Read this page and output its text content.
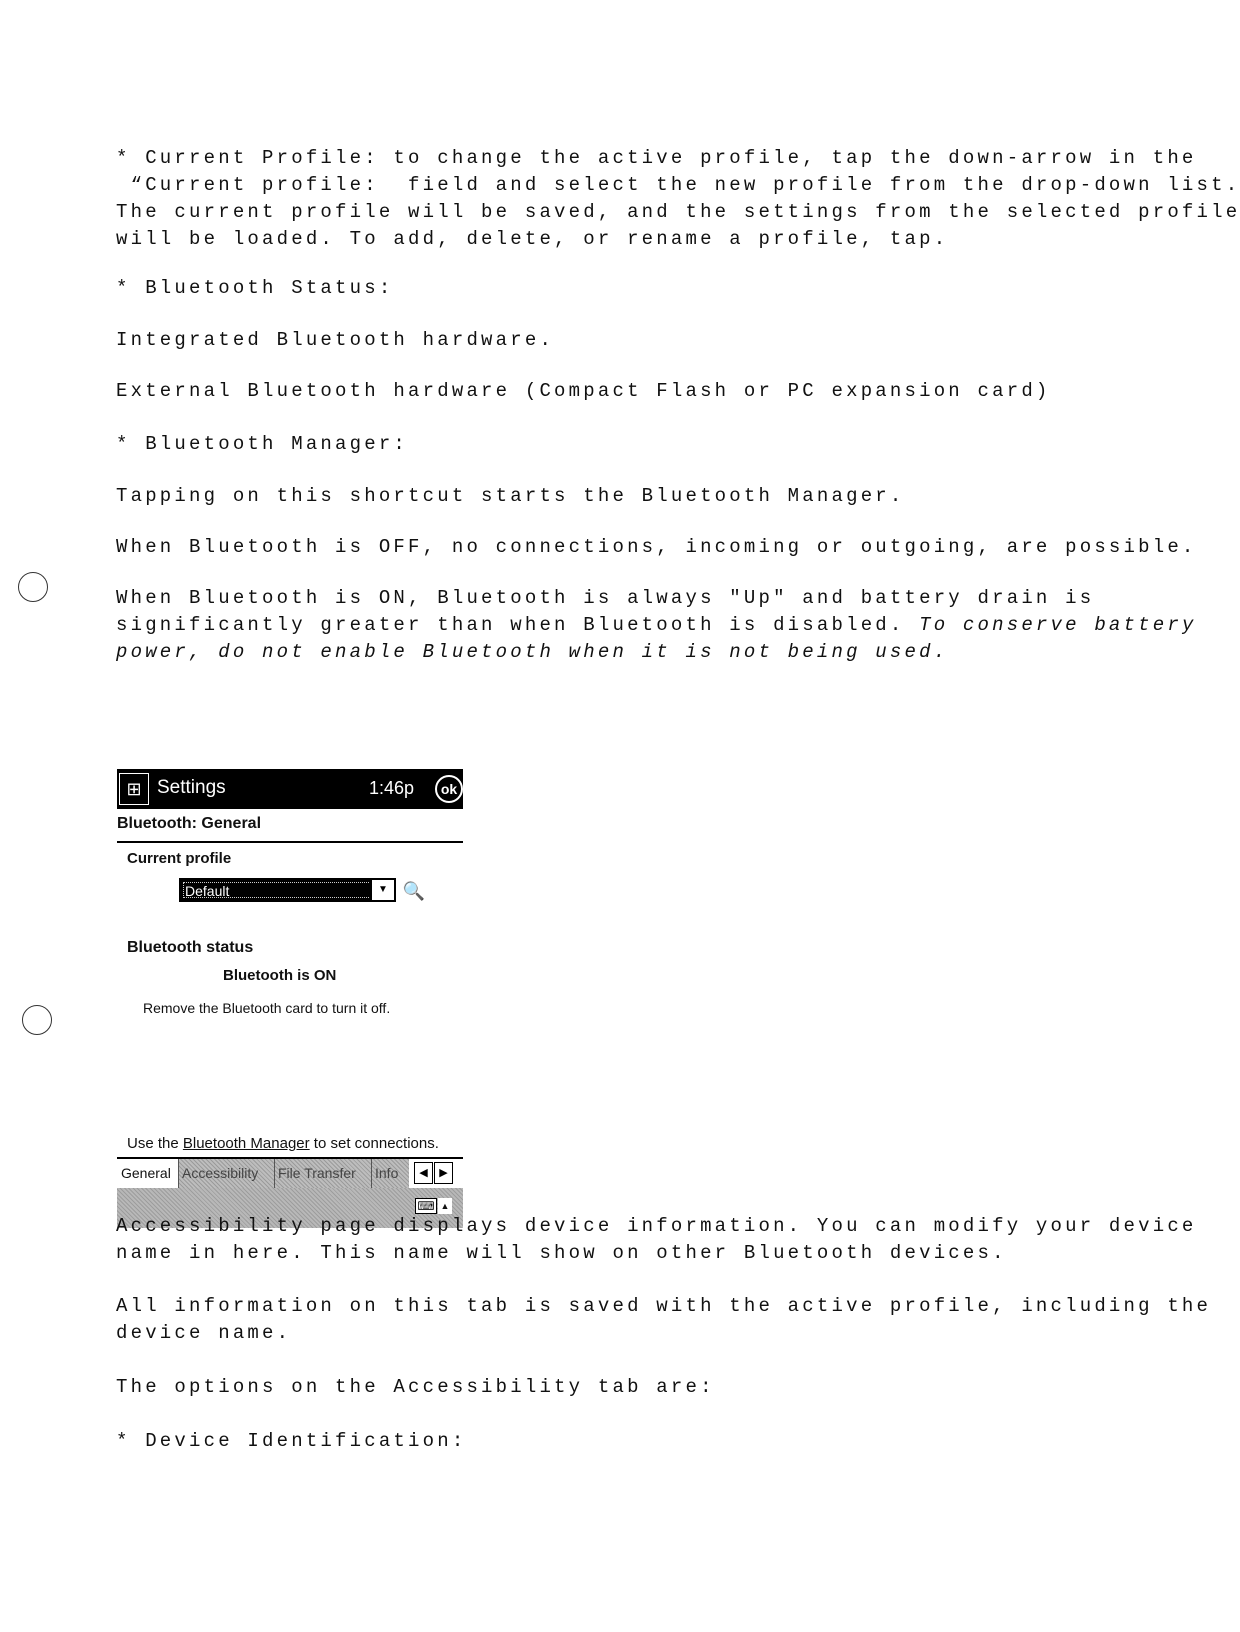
* Current Profile: to change the active profile, tap the down-arrow in the
“Current profile:  field and select the new profile from the drop-down list.
The current profile will be saved, and the settings from the selected profile
will be loaded. To add, delete, or rename a profile, tap.
* Bluetooth Status:
Integrated Bluetooth hardware.
External Bluetooth hardware (Compact Flash or PC expansion card)
* Bluetooth Manager:
Tapping on this shortcut starts the Bluetooth Manager.
When Bluetooth is OFF, no connections, incoming or outgoing, are possible.
When Bluetooth is ON, Bluetooth is always "Up" and battery drain is
significantly greater than when Bluetooth is disabled. To conserve battery
power, do not enable Bluetooth when it is not being used.
⊞ Settings	1:46p	ok
Bluetooth: General
Current profile
Default	▼ 🔍
Bluetooth status
Bluetooth is ON
Remove the Bluetooth card to turn it off.
Use the Bluetooth Manager to set connections.
General Accessibility	File Transfer	Info	◀	▶
⌨ ▲
Accessibility page displays device information. You can modify your device
name in here. This name will show on other Bluetooth devices.
All information on this tab is saved with the active profile, including the
device name.
The options on the Accessibility tab are:
* Device Identification:
